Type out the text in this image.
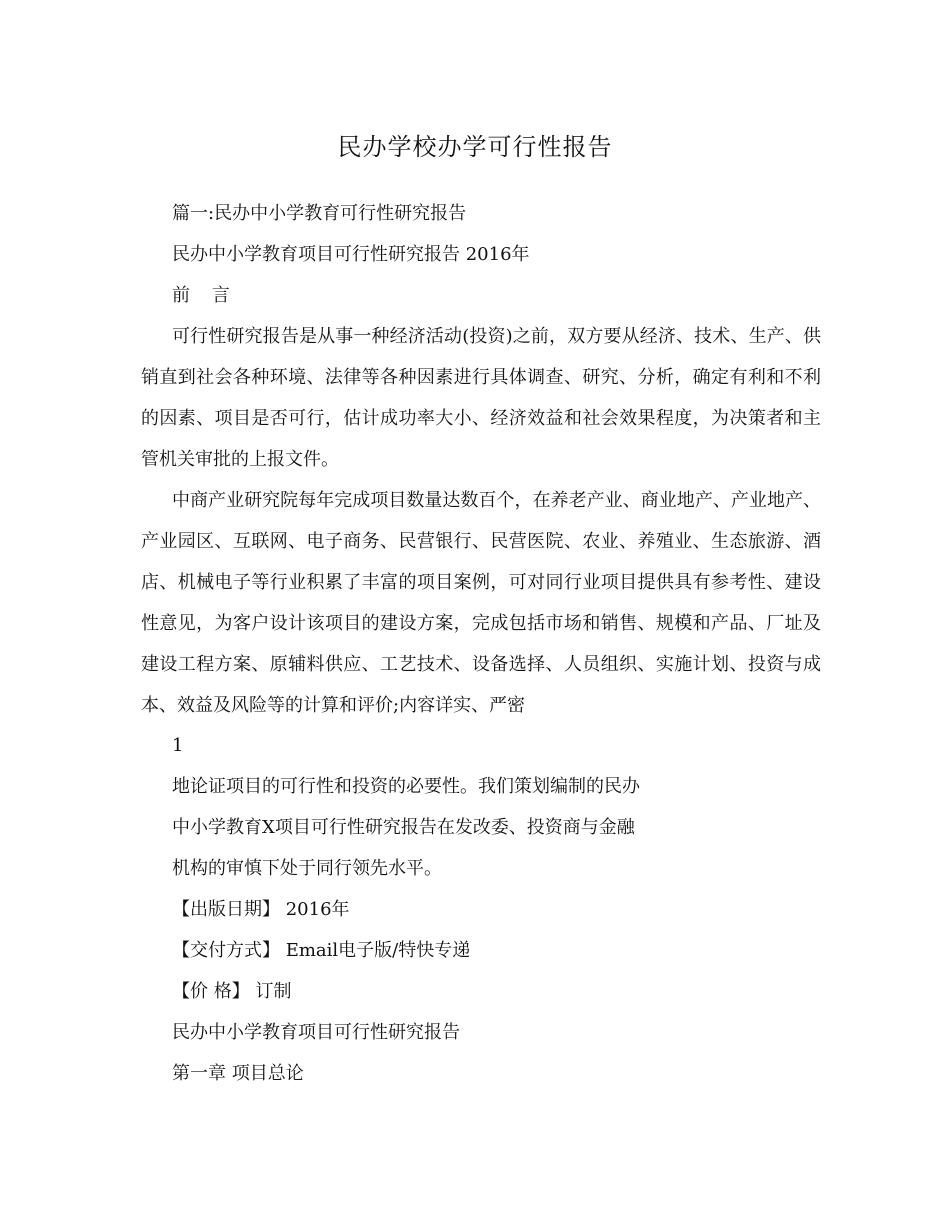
民办学校办学可行性报告
篇一:民办中小学教育可行性研究报告
民办中小学教育项目可行性研究报告 2016年
前 言
可行性研究报告是从事一种经济活动(投资)之前，双方要从经济、技术、生产、供销直到社会各种环境、法律等各种因素进行具体调查、研究、分析，确定有利和不利的因素、项目是否可行，估计成功率大小、经济效益和社会效果程度，为决策者和主管机关审批的上报文件。
中商产业研究院每年完成项目数量达数百个，在养老产业、商业地产、产业地产、产业园区、互联网、电子商务、民营银行、民营医院、农业、养殖业、生态旅游、酒店、机械电子等行业积累了丰富的项目案例，可对同行业项目提供具有参考性、建设性意见，为客户设计该项目的建设方案，完成包括市场和销售、规模和产品、厂址及建设工程方案、原辅料供应、工艺技术、设备选择、人员组织、实施计划、投资与成本、效益及风险等的计算和评价;内容详实、严密
1
地论证项目的可行性和投资的必要性。我们策划编制的民办
中小学教育X项目可行性研究报告在发改委、投资商与金融
机构的审慎下处于同行领先水平。
【出版日期】 2016年
【交付方式】 Email电子版/特快专递
【价 格】 订制
民办中小学教育项目可行性研究报告
第一章 项目总论
